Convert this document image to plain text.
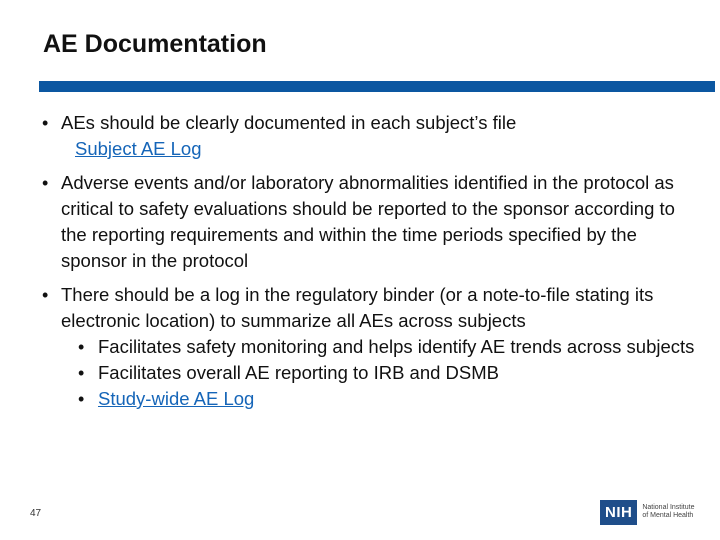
AE Documentation
• AEs should be clearly documented in each subject’s file
Subject AE Log
• Adverse events and/or laboratory abnormalities identified in the protocol as critical to safety evaluations should be reported to the sponsor according to the reporting requirements and within the time periods specified by the sponsor in the protocol
• There should be a log in the regulatory binder (or a note-to-file stating its electronic location) to summarize all AEs across subjects
• Facilitates safety monitoring and helps identify AE trends across subjects
• Facilitates overall AE reporting to IRB and DSMB
• Study-wide AE Log
47	NIH	National Institute
of Mental Health
